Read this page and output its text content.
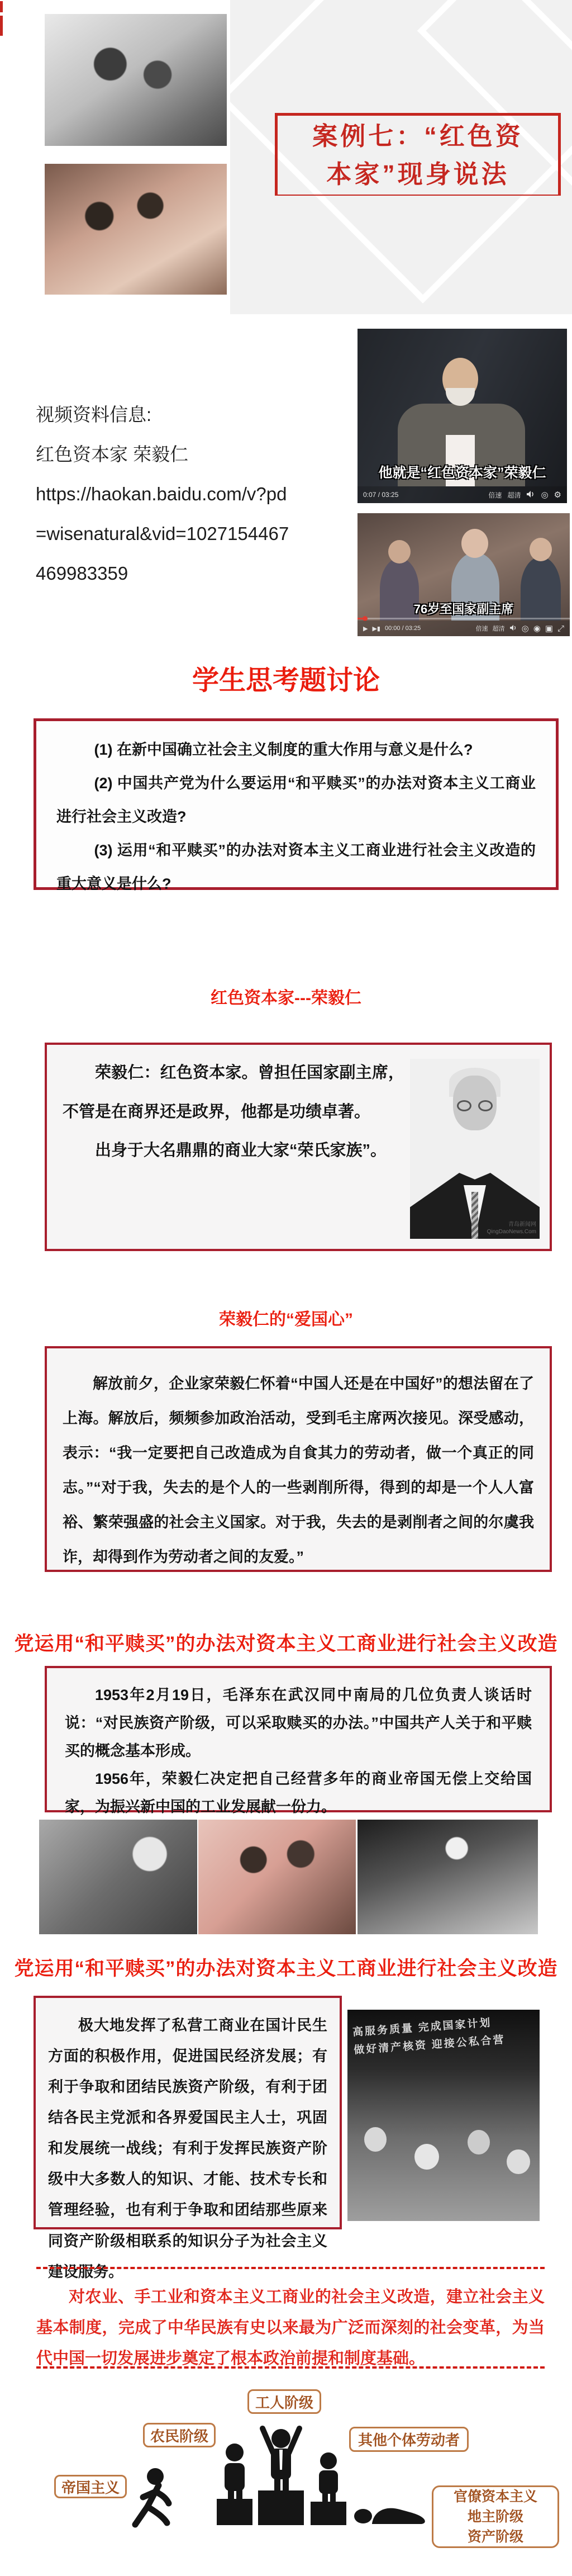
案例七：“红色资
本家”现身说法
视频资料信息:
红色资本家 荣毅仁
https://haokan.baidu.com/v?pd
=wisenatural&vid=1027154467
469983359
他就是“红色资本家”荣毅仁
0:07 / 03:25	倍速 超清 ◎ ⚙
76岁至国家副主席
▶ ▶▮ 00:00 / 03:25	倍速 超清 ◎ ◉ ▣ ⤢
学生思考题讨论

(1) 在新中国确立社会主义制度的重大作用与意义是什么?

(2) 中国共产党为什么要运用“和平赎买”的办法对资本主义工商业进行社会主义改造?

(3) 运用“和平赎买”的办法对资本主义工商业进行社会主义改造的重大意义是什么?

红色资本家---荣毅仁

荣毅仁：红色资本家。曾担任国家副主席，不管是在商界还是政界，他都是功绩卓著。

出身于大名鼎鼎的商业大家“荣氏家族”。

青岛新闻网
QingDaoNews.Com
荣毅仁的“爱国心”

解放前夕，企业家荣毅仁怀着“中国人还是在中国好”的想法留在了上海。解放后，频频参加政治活动，受到毛主席两次接见。深受感动，表示：“我一定要把自己改造成为自食其力的劳动者，做一个真正的同志。”“对于我，失去的是个人的一些剥削所得，得到的却是一个人人富裕、繁荣强盛的社会主义国家。对于我，失去的是剥削者之间的尔虞我诈，却得到作为劳动者之间的友爱。”

党运用“和平赎买”的办法对资本主义工商业进行社会主义改造

1953年2月19日，毛泽东在武汉同中南局的几位负责人谈话时说：“对民族资产阶级，可以采取赎买的办法。”中国共产人关于和平赎买的概念基本形成。

1956年，荣毅仁决定把自己经营多年的商业帝国无偿上交给国家，为振兴新中国的工业发展献一份力。

党运用“和平赎买”的办法对资本主义工商业进行社会主义改造

极大地发挥了私营工商业在国计民生方面的积极作用，促进国民经济发展；有利于争取和团结民族资产阶级，有利于团结各民主党派和各界爱国民主人士，巩固和发展统一战线；有利于发挥民族资产阶级中大多数人的知识、才能、技术专长和管理经验，也有利于争取和团结那些原来同资产阶级相联系的知识分子为社会主义建设服务。

高服务质量 完成国家计划
做好清产核资 迎接公私合营

对农业、手工业和资本主义工商业的社会主义改造，建立社会主义基本制度，完成了中华民族有史以来最为广泛而深刻的社会变革，为当代中国一切发展进步奠定了根本政治前提和制度基础。

工人阶级
农民阶级	其他个体劳动者
帝国主义
官僚资本主义
地主阶级
资产阶级
